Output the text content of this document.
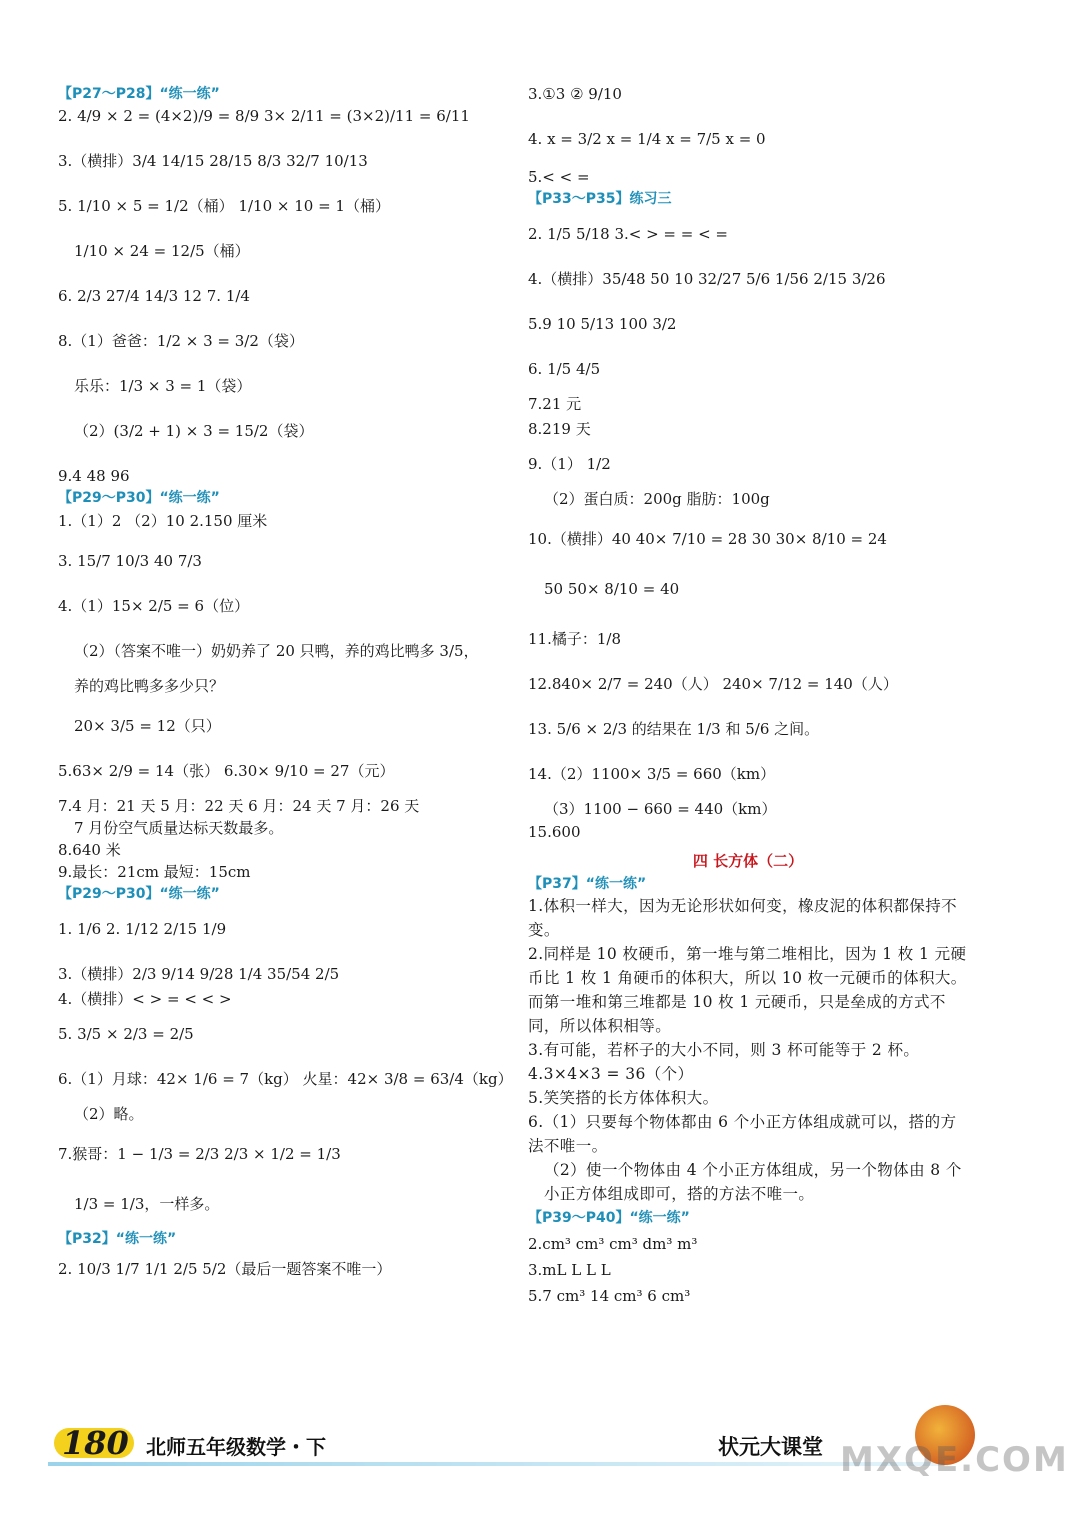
【P27～P28】“练一练”
2. 4/9 × 2 = (4×2)/9 = 8/9 3× 2/11 = (3×2)/11 = 6/11
3.（横排）3/4 14/15 28/15 8/3 32/7 10/13
5. 1/10 × 5 = 1/2（桶） 1/10 × 10 = 1（桶）
1/10 × 24 = 12/5（桶）
6. 2/3 27/4 14/3 12 7. 1/4
8.（1）爸爸：1/2 × 3 = 3/2（袋）
乐乐：1/3 × 3 = 1（袋）
（2）(3/2 + 1) × 3 = 15/2（袋）
9.4 48 96
【P29～P30】“练一练”
1.（1）2 （2）10 2.150 厘米
3. 15/7 10/3 40 7/3
4.（1）15× 2/5 = 6（位）
（2）（答案不唯一）奶奶养了 20 只鸭，养的鸡比鸭多 3/5，
养的鸡比鸭多多少只？
20× 3/5 = 12（只）
5.63× 2/9 = 14（张） 6.30× 9/10 = 27（元）
7.4 月：21 天 5 月：22 天 6 月：24 天 7 月：26 天
7 月份空气质量达标天数最多。
8.640 米
9.最长：21cm 最短：15cm
【P29～P30】“练一练”
1. 1/6 2. 1/12 2/15 1/9
3.（横排）2/3 9/14 9/28 1/4 35/54 2/5
4.（横排）< > = < < >
5. 3/5 × 2/3 = 2/5
6.（1）月球：42× 1/6 = 7（kg） 火星：42× 3/8 = 63/4（kg）
（2）略。
7.猴哥：1 − 1/3 = 2/3 2/3 × 1/2 = 1/3
1/3 = 1/3，一样多。
【P32】“练一练”
2. 10/3 1/7 1/1 2/5 5/2（最后一题答案不唯一）
3.①3 ② 9/10
4. x = 3/2 x = 1/4 x = 7/5 x = 0
5.< < =
【P33～P35】练习三
2. 1/5 5/18 3.< > = = < =
4.（横排）35/48 50 10 32/27 5/6 1/56 2/15 3/26
5.9 10 5/13 100 3/2
6. 1/5 4/5
7.21 元
8.219 天
9.（1） 1/2
（2）蛋白质：200g 脂肪：100g
10.（横排）40 40× 7/10 = 28 30 30× 8/10 = 24
50 50× 8/10 = 40
11.橘子：1/8
12.840× 2/7 = 240（人） 240× 7/12 = 140（人）
13. 5/6 × 2/3 的结果在 1/3 和 5/6 之间。
14.（2）1100× 3/5 = 660（km）
（3）1100 − 660 = 440（km）
15.600
四 长方体（二）
【P37】“练一练”
1.体积一样大，因为无论形状如何变，橡皮泥的体积都保持不变。
2.同样是 10 枚硬币，第一堆与第二堆相比，因为 1 枚 1 元硬币比 1 枚 1 角硬币的体积大，所以 10 枚一元硬币的体积大。而第一堆和第三堆都是 10 枚 1 元硬币，只是垒成的方式不同，所以体积相等。
3.有可能，若杯子的大小不同，则 3 杯可能等于 2 杯。
4.3×4×3 = 36（个）
5.笑笑搭的长方体体积大。
6.（1）只要每个物体都由 6 个小正方体组成就可以，搭的方法不唯一。
（2）使一个物体由 4 个小正方体组成，另一个物体由 8 个小正方体组成即可，搭的方法不唯一。
【P39～P40】“练一练”
2.cm³ cm³ cm³ dm³ m³
3.mL L L L
5.7 cm³ 14 cm³ 6 cm³
180 北师五年级数学・下	状元大课堂 MXQE.COM
